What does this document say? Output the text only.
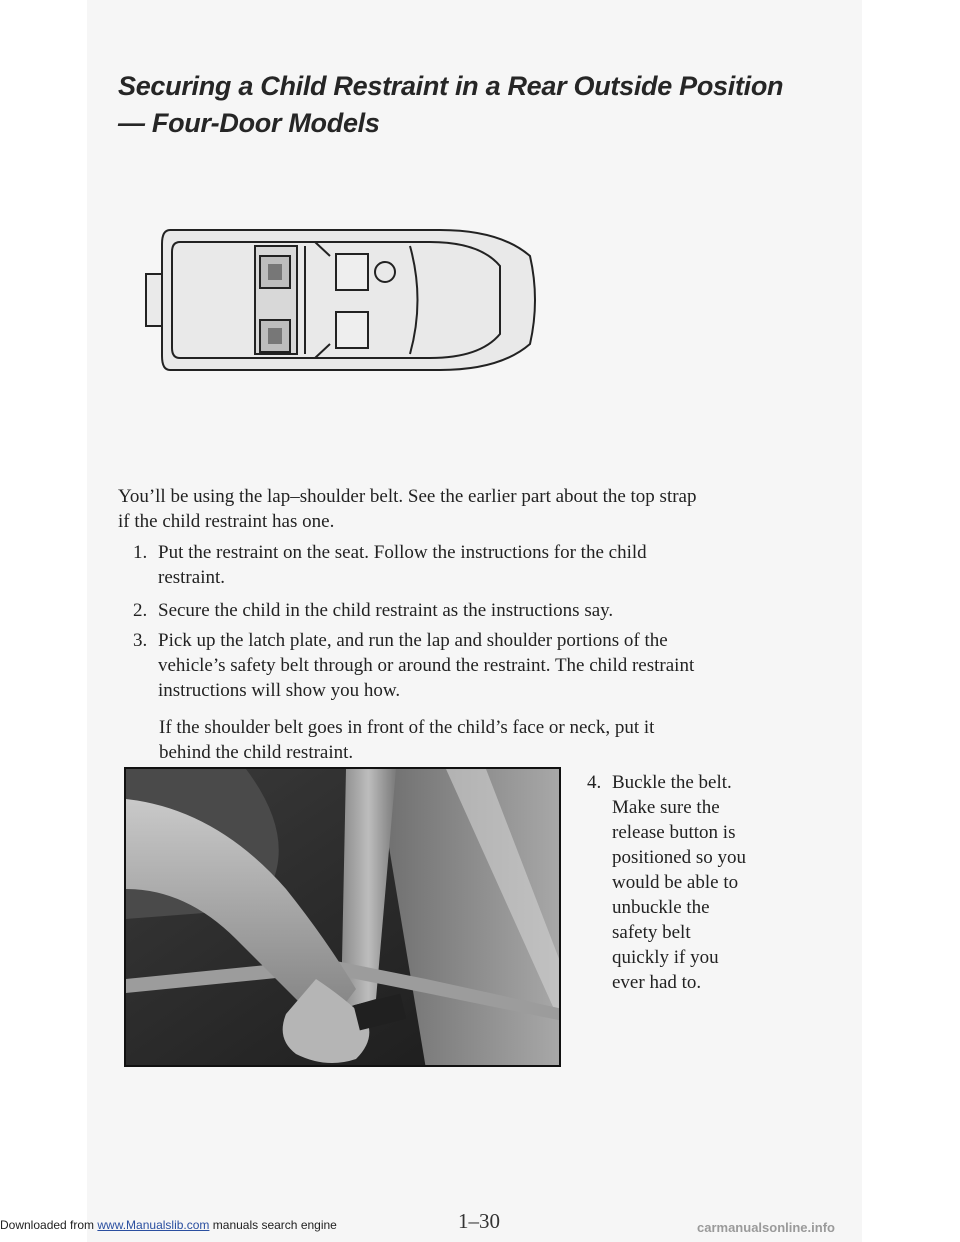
Securing a Child Restraint in a Rear Outside Position
— Four-Door Models
You’ll be using the lap–shoulder belt. See the earlier part about the top strap
if the child restraint has one.
1. Put the restraint on the seat. Follow the instructions for the child
restraint.
2. Secure the child in the child restraint as the instructions say.
3. Pick up the latch plate, and run the lap and shoulder portions of the
vehicle’s safety belt through or around the restraint. The child restraint
instructions will show you how.
If the shoulder belt goes in front of the child’s face or neck, put it
behind the child restraint.
4. Buckle the belt.
Make sure the
release button is
positioned so you
would be able to
unbuckle the
safety belt
quickly if you
ever had to.
1–30
Downloaded from www.Manualslib.com manuals search engine	carmanualsonline.info
